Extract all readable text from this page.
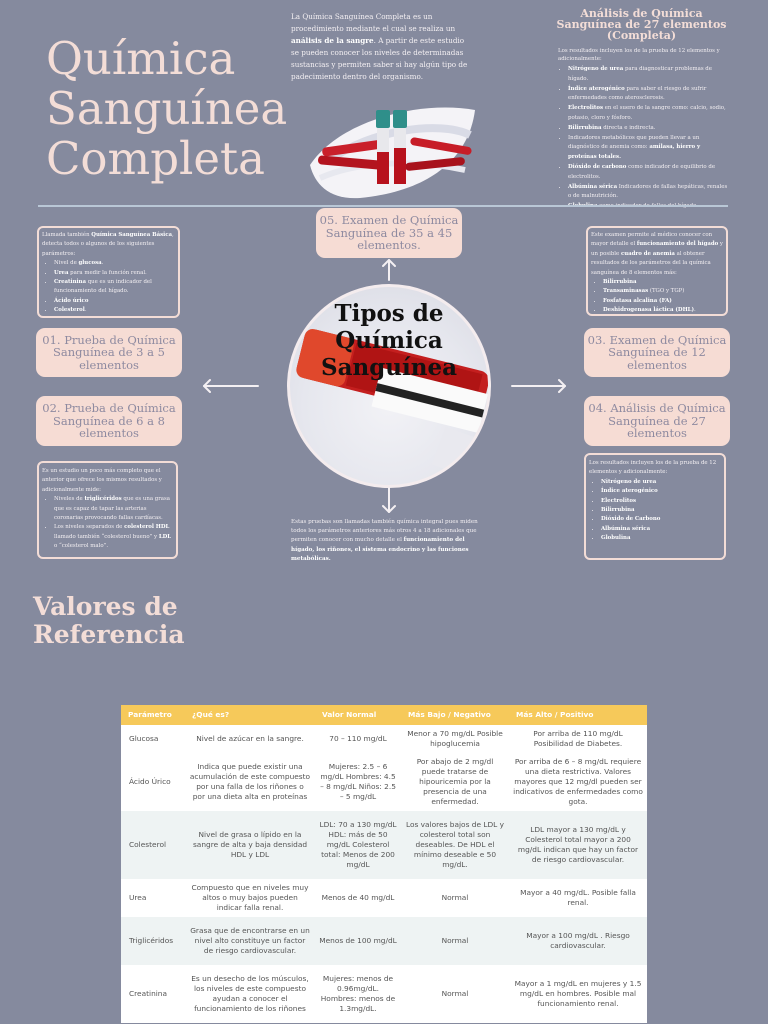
Química
Sanguínea
Completa
La Química Sanguínea Completa es un procedimiento mediante el cual se realiza un análisis de la sangre. A partir de este estudio se pueden conocer los niveles de determinadas sustancias y permiten saber si hay algún tipo de padecimiento dentro del organismo.
Análisis de Química Sanguínea de 27 elementos (Completa)

Los resultados incluyen los de la prueba de 12 elementos y adicionalmente:

• Nitrógeno de urea para diagnosticar problemas de hígado.
• Índice aterogénico para saber el riesgo de sufrir enfermedades como aterosclerosis.
• Electrolitos en el suero de la sangre como: calcio, sodio, potasio, cloro y fósforo.
• Bilirrubina directa e indirecta.
• Indicadores metabólicos que pueden llevar a un diagnóstico de anemia como: amilasa, hierro y proteínas totales.
• Dióxido de carbono como indicador de equilibrio de electrolitos.
• Albúmina sérica Indicadores de fallas hepáticas, renales o de malnutrición.
•
05. Examen de Química Sanguínea de 35 a 45 elementos.
01. Prueba de Química Sanguínea de 3 a 5 elementos
02. Prueba de Química Sanguínea de 6 a 8 elementos
03. Examen de Química Sanguínea de 12 elementos
04. Análisis de Química Sanguínea de 27 elementos
Llamada también Química Sanguínea Básica, detecta todos o algunos de los siguientes parámetros:
• Nivel de glucosa.
• Urea para medir la función renal.
• Creatinina que es un indicador del funcionamiento del hígado.
• Ácido úrico
• Colesterol.
Es un estudio un poco más completo que el anterior que ofrece los mismos resultados y adicionalmente mide:
• Niveles de triglicéridos que es una grasa que es capaz de tapar las arterias coronarias provocando fallas cardíacas.
• Los niveles separados de colesterol HDL llamado también “colesterol bueno” y LDL o “colesterol malo”.
Este examen permite al médico conocer con mayor detalle el funcionamiento del hígado y un posible cuadro de anemia al obtener resultados de los parámetros del la química sanguínea de 8 elementos más:
• Bilirrubina
• Transaminasas (TGO y TGP)
• Fosfatasa alcalina (FA)
• Deshidrogenasa láctica (DHL).
Los resultados incluyen los de la prueba de 12 elementos y adicionalmente:
• Nitrógeno de urea
• Índice aterogénico
• Electrolitos
• Bilirrubina
• Dióxido de Carbono
• Albúmina sérica
• Globulina
Tipos de Química Sanguínea
Estas pruebas son llamadas también química integral pues miden todos los parámetros anteriores más otros 4 a 18 adicionales que permiten conocer con mucho detalle el funcionamiento del hígado, los riñones, el sistema endocrino y las funciones metabólicas.
Valores de
Referencia
Parámetro	¿Qué es?	Valor Normal	Más Bajo / Negativo	Más Alto / Positivo
Glucosa	Nivel de azúcar en la sangre.	70 – 110 mg/dL	Menor a 70 mg/dL Posible hipoglucemia	Por arriba de 110 mg/dL Posibilidad de Diabetes.
Ácido Úrico	Indica que puede existir una acumulación de este compuesto por una falla de los riñones o por una dieta alta en proteínas	Mujeres: 2.5 – 6 mg/dL Hombres: 4.5 – 8 mg/dL Niños: 2.5 – 5 mg/dL	Por abajo de 2 mg/dl puede tratarse de hipouricemia por la presencia de una enfermedad.	Por arriba de 6 – 8 mg/dL requiere una dieta restrictiva. Valores mayores que 12 mg/dl pueden ser indicativos de enfermedades como gota.
Colesterol	Nivel de grasa o lípido en la sangre de alta y baja densidad HDL y LDL	LDL: 70 a 130 mg/dL HDL: más de 50 mg/dL Colesterol total: Menos de 200 mg/dL	Los valores bajos de LDL y colesterol total son deseables. De HDL el mínimo deseable e 50 mg/dL.	LDL mayor a 130 mg/dL y Colesterol total mayor a 200 mg/dL indican que hay un factor de riesgo cardiovascular.
Urea	Compuesto que en niveles muy altos o muy bajos pueden indicar falla renal.	Menos de 40 mg/dL	Normal	Mayor a 40 mg/dL. Posible falla renal.
Triglicéridos	Grasa que de encontrarse en un nivel alto constituye un factor de riesgo cardiovascular.	Menos de 100 mg/dL	Normal	Mayor a 100 mg/dL . Riesgo cardiovascular.
Creatinina	Es un desecho de los músculos, los niveles de este compuesto ayudan a conocer el funcionamiento de los riñones	Mujeres: menos de 0.96mg/dL. Hombres: menos de 1.3mg/dL.	Normal	Mayor a 1 mg/dL en mujeres y 1.5 mg/dL en hombres. Posible mal funcionamiento renal.
